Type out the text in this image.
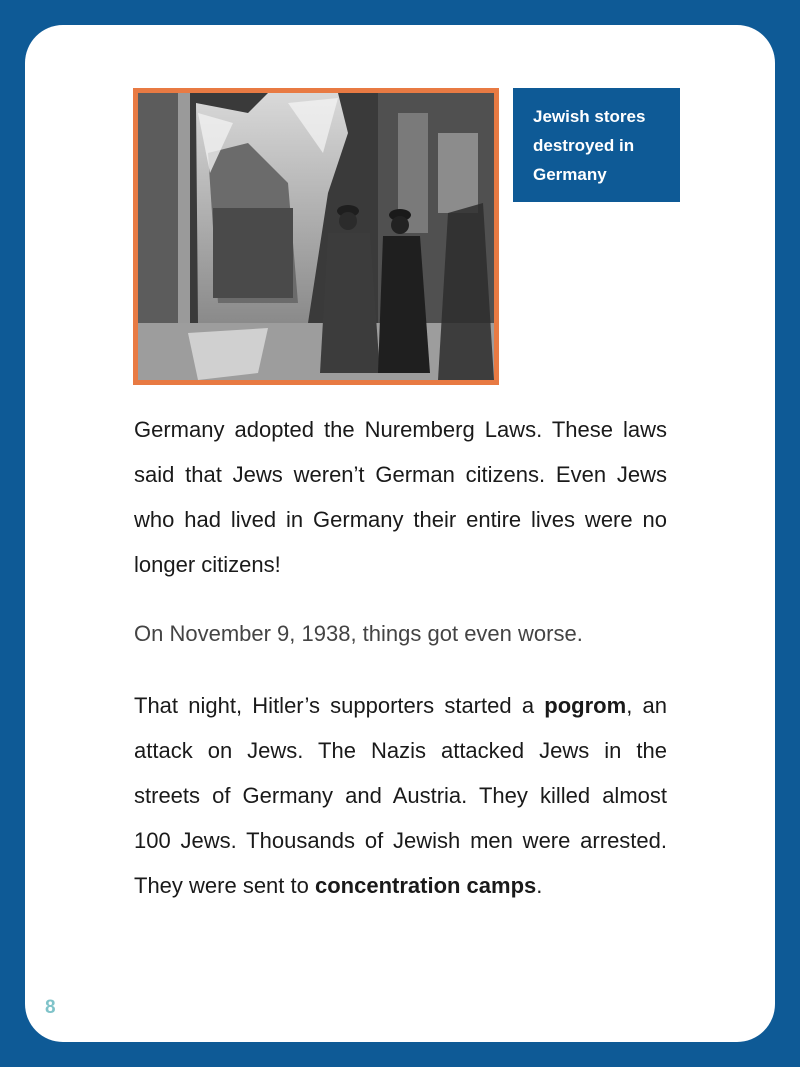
Jewish stores
destroyed in
Germany

Germany adopted the Nuremberg Laws. These laws said that Jews weren’t German citizens. Even Jews who had lived in Germany their entire lives were no longer citizens!

On November 9, 1938, things got even worse.

That night, Hitler’s supporters started a pogrom, an attack on Jews. The Nazis attacked Jews in the streets of Germany and Austria. They killed almost 100 Jews. Thousands of Jewish men were arrested. They were sent to concentration camps.

8
